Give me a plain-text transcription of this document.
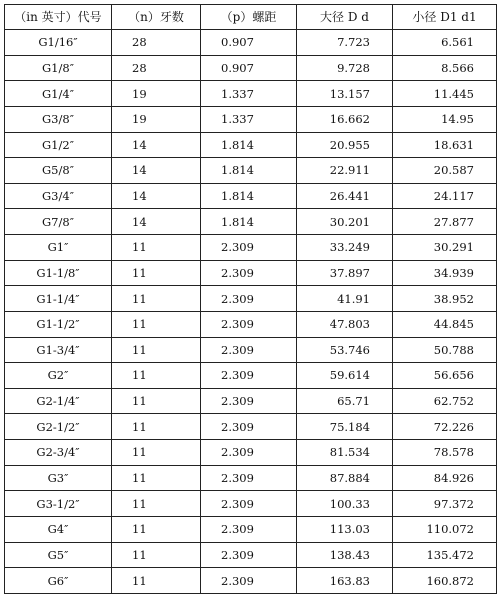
（in 英寸）代号	（n）牙数	（p）螺距	大径 D d	小径 D1 d1
G1/16″	28	0.907	7.723	6.561
G1/8″	28	0.907	9.728	8.566
G1/4″	19	1.337	13.157	11.445
G3/8″	19	1.337	16.662	14.95
G1/2″	14	1.814	20.955	18.631
G5/8″	14	1.814	22.911	20.587
G3/4″	14	1.814	26.441	24.117
G7/8″	14	1.814	30.201	27.877
G1″	11	2.309	33.249	30.291
G1-1/8″	11	2.309	37.897	34.939
G1-1/4″	11	2.309	41.91	38.952
G1-1/2″	11	2.309	47.803	44.845
G1-3/4″	11	2.309	53.746	50.788
G2″	11	2.309	59.614	56.656
G2-1/4″	11	2.309	65.71	62.752
G2-1/2″	11	2.309	75.184	72.226
G2-3/4″	11	2.309	81.534	78.578
G3″	11	2.309	87.884	84.926
G3-1/2″	11	2.309	100.33	97.372
G4″	11	2.309	113.03	110.072
G5″	11	2.309	138.43	135.472
G6″	11	2.309	163.83	160.872
